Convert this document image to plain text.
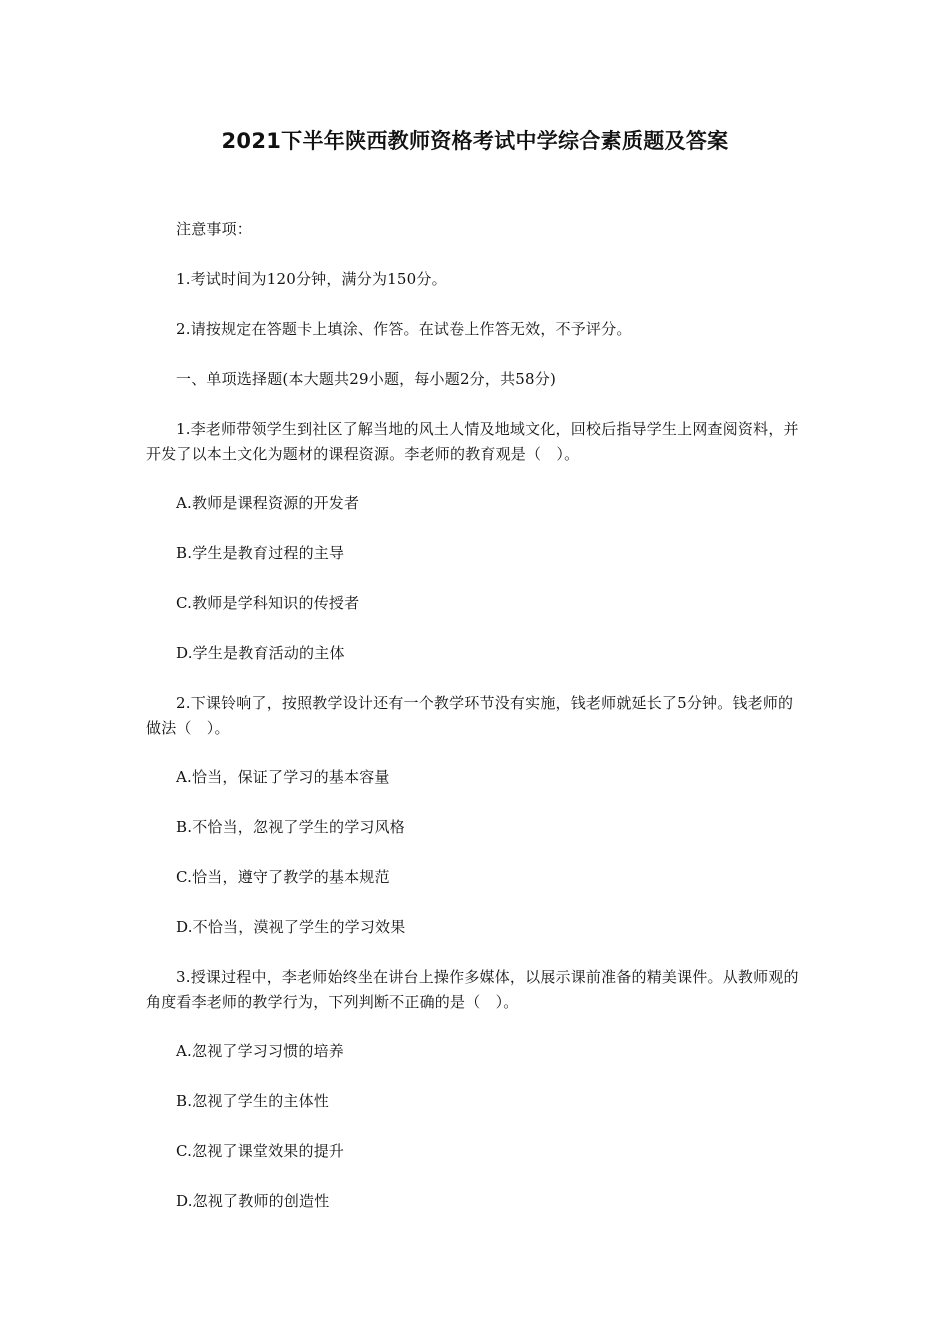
2021下半年陕西教师资格考试中学综合素质题及答案
注意事项：
1.考试时间为120分钟，满分为150分。
2.请按规定在答题卡上填涂、作答。在试卷上作答无效，不予评分。
一、单项选择题(本大题共29小题，每小题2分，共58分)
1.李老师带领学生到社区了解当地的风土人情及地域文化，回校后指导学生上网查阅资料，并开发了以本土文化为题材的课程资源。李老师的教育观是（　）。
A.教师是课程资源的开发者
B.学生是教育过程的主导
C.教师是学科知识的传授者
D.学生是教育活动的主体
2.下课铃响了，按照教学设计还有一个教学环节没有实施，钱老师就延长了5分钟。钱老师的做法（　）。
A.恰当，保证了学习的基本容量
B.不恰当，忽视了学生的学习风格
C.恰当，遵守了教学的基本规范
D.不恰当，漠视了学生的学习效果
3.授课过程中，李老师始终坐在讲台上操作多媒体，以展示课前准备的精美课件。从教师观的角度看李老师的教学行为，下列判断不正确的是（　）。
A.忽视了学习习惯的培养
B.忽视了学生的主体性
C.忽视了课堂效果的提升
D.忽视了教师的创造性
